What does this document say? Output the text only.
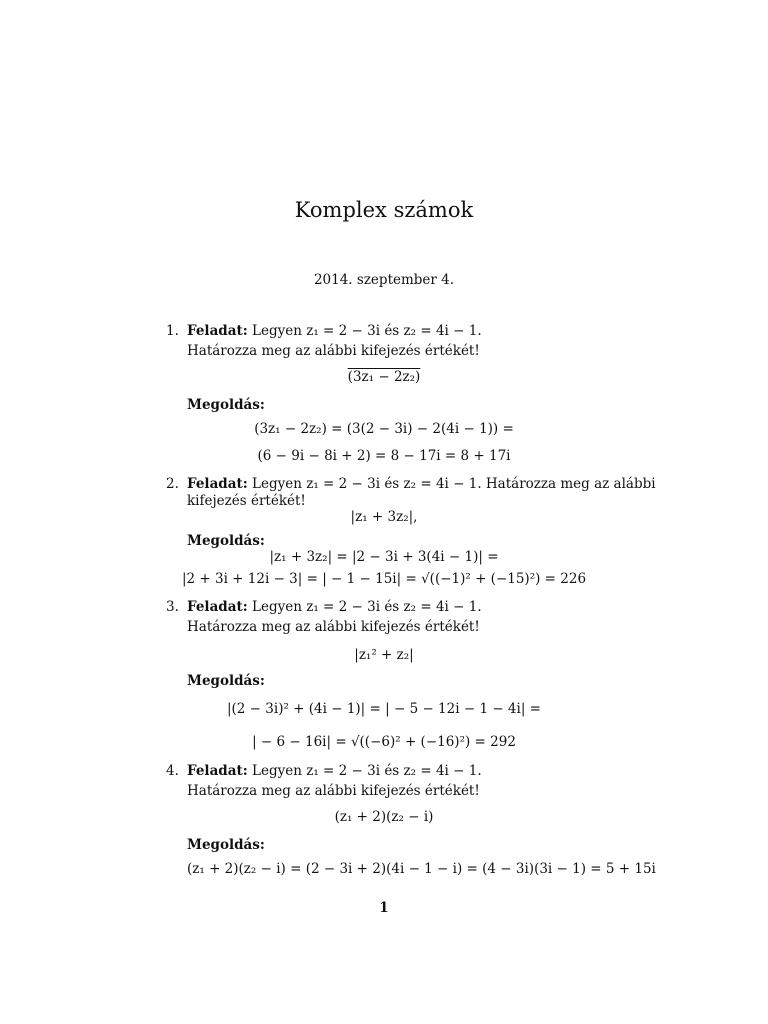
Komplex számok
2014. szeptember 4.
1. Feladat: Legyen z₁ = 2 − 3i és z₂ = 4i − 1.
Határozza meg az alábbi kifejezés értékét!
(3z₁ − 2z₂)
Megoldás:
(3z₁ − 2z₂) = (3(2 − 3i) − 2(4i − 1)) =
(6 − 9i − 8i + 2) = 8 − 17i = 8 + 17i
2. Feladat: Legyen z₁ = 2 − 3i és z₂ = 4i − 1. Határozza meg az alábbi
kifejezés értékét!
|z₁ + 3z₂|,
Megoldás:
|z₁ + 3z₂| = |2 − 3i + 3(4i − 1)| =
|2 + 3i + 12i − 3| = | − 1 − 15i| = √((−1)² + (−15)²) = 226
3. Feladat: Legyen z₁ = 2 − 3i és z₂ = 4i − 1.
Határozza meg az alábbi kifejezés értékét!
|z₁² + z₂|
Megoldás:
|(2 − 3i)² + (4i − 1)| = | − 5 − 12i − 1 − 4i| =
| − 6 − 16i| = √((−6)² + (−16)²) = 292
4. Feladat: Legyen z₁ = 2 − 3i és z₂ = 4i − 1.
Határozza meg az alábbi kifejezés értékét!
(z₁ + 2)(z₂ − i)
Megoldás:
(z₁ + 2)(z₂ − i) = (2 − 3i + 2)(4i − 1 − i) = (4 − 3i)(3i − 1) = 5 + 15i
1
